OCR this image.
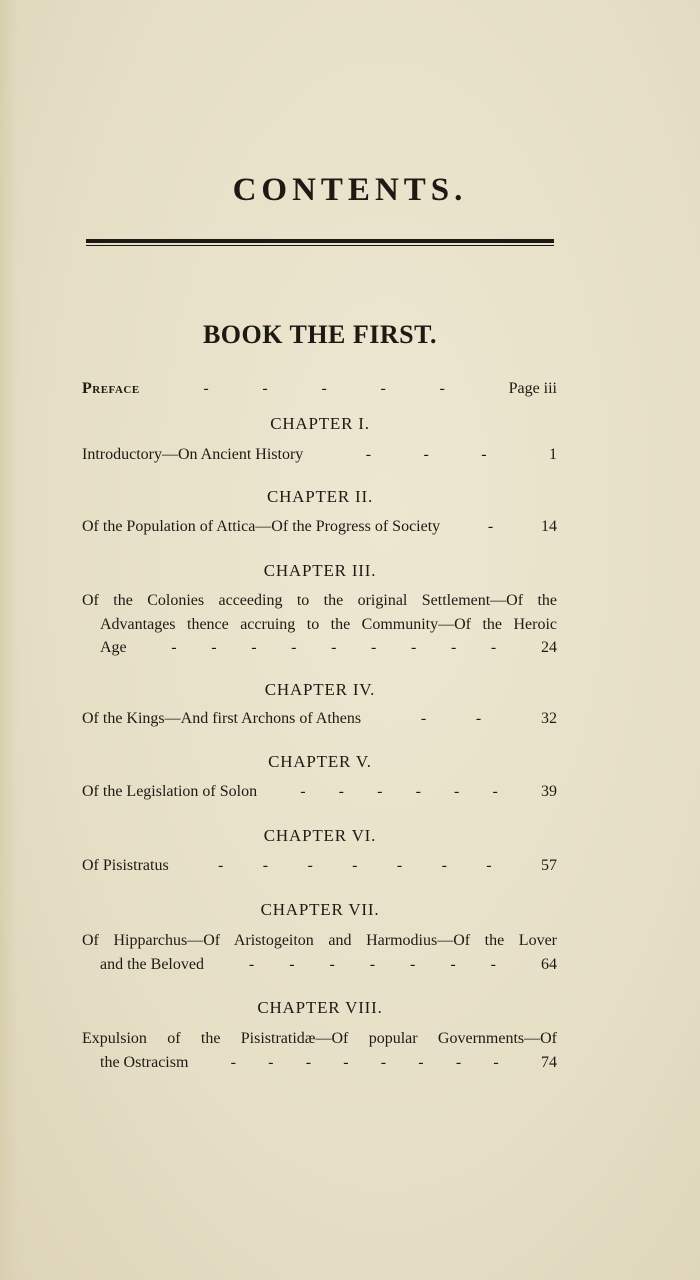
CONTENTS.
BOOK THE FIRST.
Preface	-	-	-	-	-	Page iii
CHAPTER I.
Introductory—On Ancient History	-	-	-	1
CHAPTER II.
Of the Population of Attica—Of the Progress of Society	-	14
CHAPTER III.
Of the Colonies acceeding to the original Settlement—Of the
Advantages thence accruing to the Community—Of the Heroic
Age	- - - - - - - - -	24
CHAPTER IV.
Of the Kings—And first Archons of Athens	-	-	32
CHAPTER V.
Of the Legislation of Solon	- - - - - -	39
CHAPTER VI.
Of Pisistratus	- - - - - - -	57
CHAPTER VII.
Of Hipparchus—Of Aristogeiton and Harmodius—Of the Lover
and the Beloved	- - - - - - -	64
CHAPTER VIII.
Expulsion of the Pisistratidæ—Of popular Governments—Of
the Ostracism	- - - - - - - -	74
